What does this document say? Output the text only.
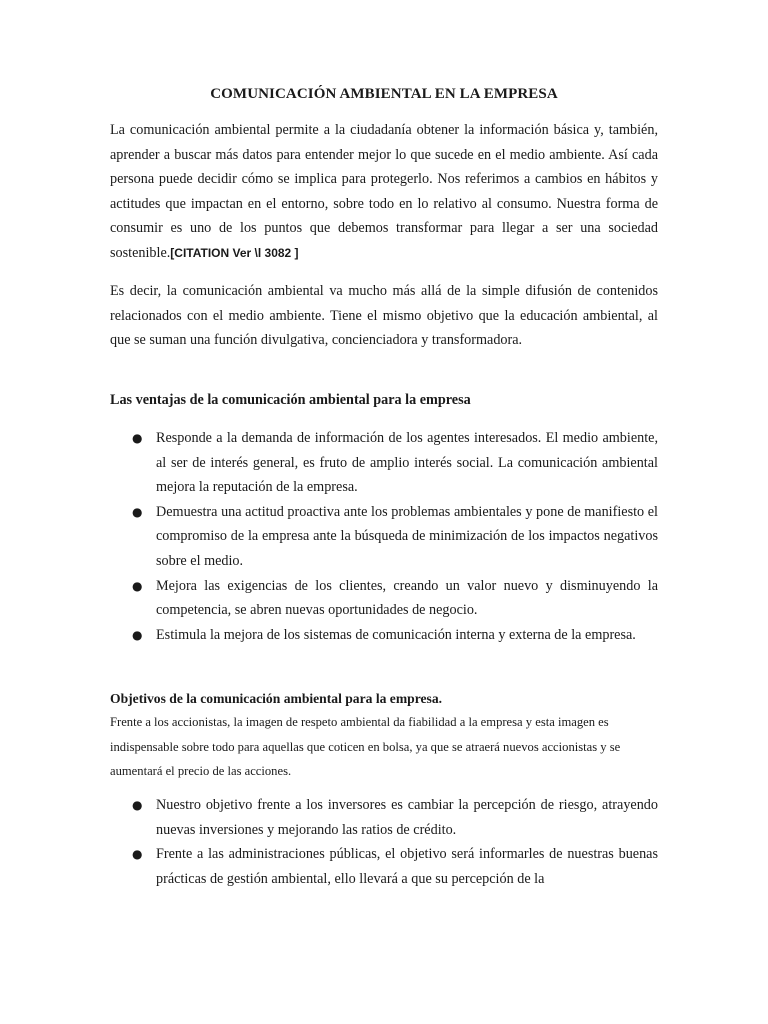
COMUNICACIÓN AMBIENTAL EN LA EMPRESA

La comunicación ambiental permite a la ciudadanía obtener la información básica y, también, aprender a buscar más datos para entender mejor lo que sucede en el medio ambiente. Así cada persona puede decidir cómo se implica para protegerlo. Nos referimos a cambios en hábitos y actitudes que impactan en el entorno, sobre todo en lo relativo al consumo. Nuestra forma de consumir es uno de los puntos que debemos transformar para llegar a ser una sociedad sostenible.[CITATION Ver \l 3082 ]

Es decir, la comunicación ambiental va mucho más allá de la simple difusión de contenidos relacionados con el medio ambiente. Tiene el mismo objetivo que la educación ambiental, al que se suman una función divulgativa, concienciadora y transformadora.

Las ventajas de la comunicación ambiental para la empresa
● Responde a la demanda de información de los agentes interesados. El medio ambiente, al ser de interés general, es fruto de amplio interés social. La comunicación ambiental mejora la reputación de la empresa.
● Demuestra una actitud proactiva ante los problemas ambientales y pone de manifiesto el compromiso de la empresa ante la búsqueda de minimización de los impactos negativos sobre el medio.
● Mejora las exigencias de los clientes, creando un valor nuevo y disminuyendo la competencia, se abren nuevas oportunidades de negocio.
● Estimula la mejora de los sistemas de comunicación interna y externa de la empresa.
Objetivos de la comunicación ambiental para la empresa.

Frente a los accionistas, la imagen de respeto ambiental da fiabilidad a la empresa y esta imagen es indispensable sobre todo para aquellas que coticen en bolsa, ya que se atraerá nuevos accionistas y se aumentará el precio de las acciones.

● Nuestro objetivo frente a los inversores es cambiar la percepción de riesgo, atrayendo nuevas inversiones y mejorando las ratios de crédito.
● Frente a las administraciones públicas, el objetivo será informarles de nuestras buenas prácticas de gestión ambiental, ello llevará a que su percepción de la
